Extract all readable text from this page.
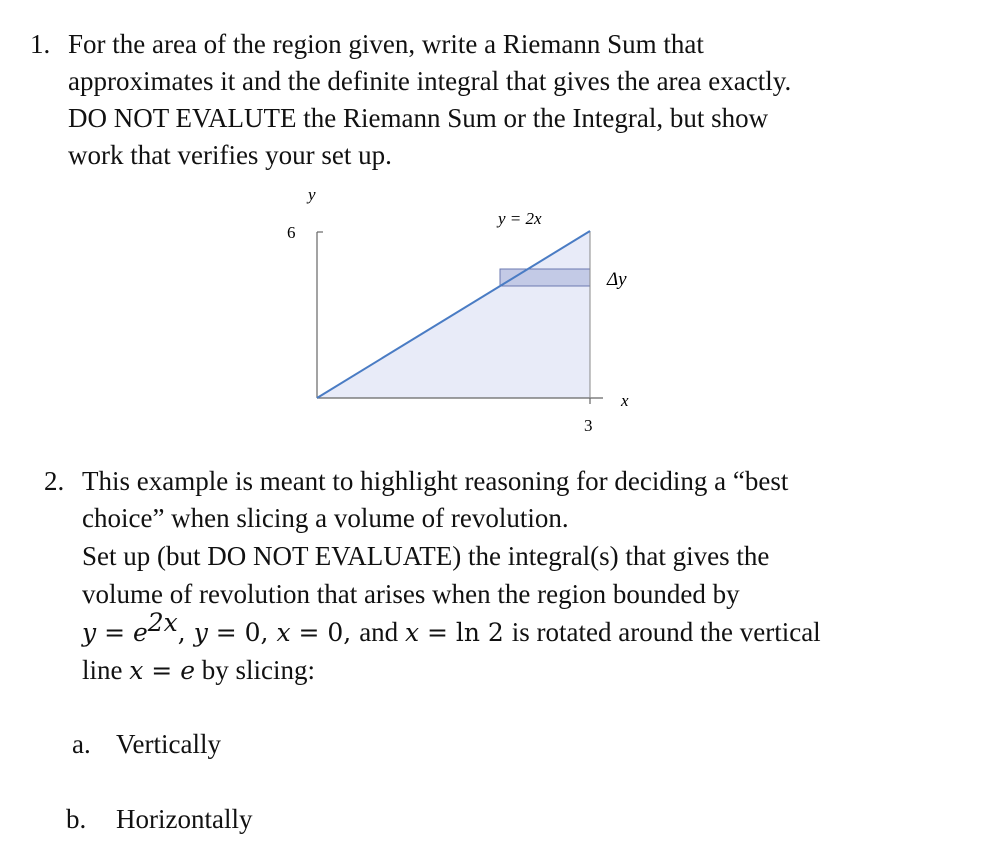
1. For the area of the region given, write a Riemann Sum that
approximates it and the definite integral that gives the area exactly.
DO NOT EVALUTE the Riemann Sum or the Integral, but show
work that verifies your set up.
y
6
y = 2x
Δy
x
3
2. This example is meant to highlight reasoning for deciding a “best
choice” when slicing a volume of revolution.
Set up (but DO NOT EVALUATE) the integral(s) that gives the
volume of revolution that arises when the region bounded by
$y = e^{2x}$, y = 0, x = 0, and x = ln 2 is rotated around the vertical
line x = e by slicing:
a. Vertically
b. Horizontally
